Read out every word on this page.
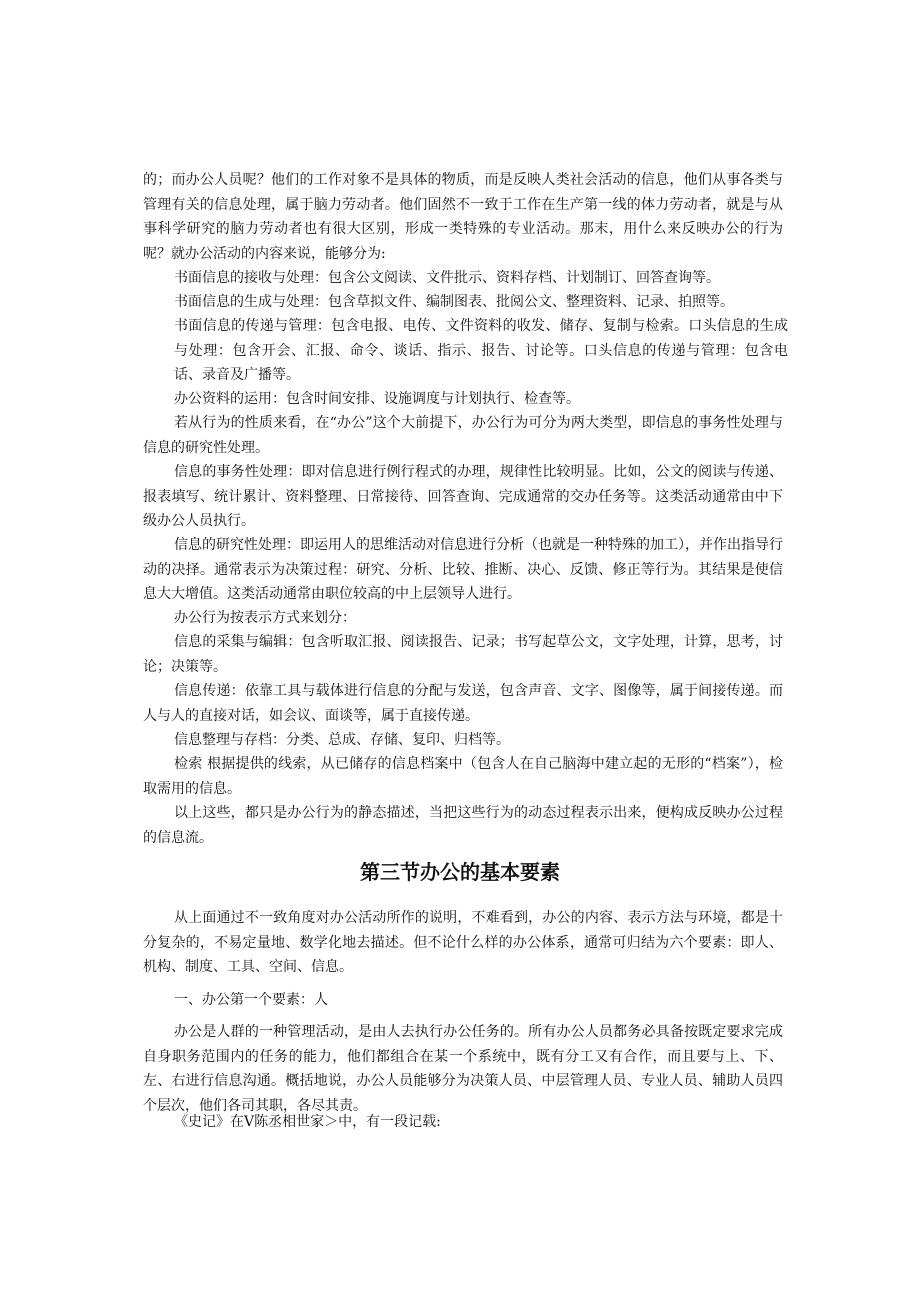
的；而办公人员呢？他们的工作对象不是具体的物质，而是反映人类社会活动的信息，他们从事各类与管理有关的信息处理，属于脑力劳动者。他们固然不一致于工作在生产第一线的体力劳动者，就是与从事科学研究的脑力劳动者也有很大区别，形成一类特殊的专业活动。那末，用什么来反映办公的行为呢？就办公活动的内容来说，能够分为:

书面信息的接收与处理：包含公文阅读、文件批示、资料存档、计划制订、回答查询等。

书面信息的生成与处理：包含草拟文件、编制图表、批阅公文、整理资料、记录、拍照等。

书面信息的传递与管理：包含电报、电传、文件资料的收发、储存、复制与检索。口头信息的生成与处理：包含开会、汇报、命令、谈话、指示、报告、讨论等。口头信息的传递与管理：包含电话、录音及广播等。

办公资料的运用：包含时间安排、设施调度与计划执行、检查等。

若从行为的性质来看，在“办公”这个大前提下，办公行为可分为两大类型，即信息的事务性处理与信息的研究性处理。

信息的事务性处理：即对信息进行例行程式的办理，规律性比较明显。比如，公文的阅读与传递、报表填写、统计累计、资料整理、日常接待、回答查询、完成通常的交办任务等。这类活动通常由中下级办公人员执行。

信息的研究性处理：即运用人的思维活动对信息进行分析（也就是一种特殊的加工），并作出指导行动的决择。通常表示为决策过程：研究、分析、比较、推断、决心、反馈、修正等行为。其结果是使信息大大增值。这类活动通常由职位较高的中上层领导人进行。

办公行为按表示方式来划分：

信息的采集与编辑：包含听取汇报、阅读报告、记录；书写起草公文，文字处理，计算，思考，讨论；决策等。

信息传递：依靠工具与载体进行信息的分配与发送，包含声音、文字、图像等，属于间接传递。而人与人的直接对话，如会议、面谈等，属于直接传递。

信息整理与存档：分类、总成、存储、复印、归档等。

检索 根据提供的线索，从已储存的信息档案中（包含人在自己脑海中建立起的无形的“档案”），检取需用的信息。

以上这些，都只是办公行为的静态描述，当把这些行为的动态过程表示出来，便构成反映办公过程的信息流。

第三节办公的基本要素

从上面通过不一致角度对办公活动所作的说明，不难看到，办公的内容、表示方法与环境，都是十分复杂的，不易定量地、数学化地去描述。但不论什么样的办公体系，通常可归结为六个要素：即人、机构、制度、工具、空间、信息。

一、办公第一个要素：人

办公是人群的一种管理活动，是由人去执行办公任务的。所有办公人员都务必具备按既定要求完成自身职务范围内的任务的能力，他们都组合在某一个系统中，既有分工又有合作，而且要与上、下、左、右进行信息沟通。概括地说，办公人员能够分为决策人员、中层管理人员、专业人员、辅助人员四个层次，他们各司其职，各尽其责。

《史记》在Ⅴ陈丞相世家＞中，有一段记载:
